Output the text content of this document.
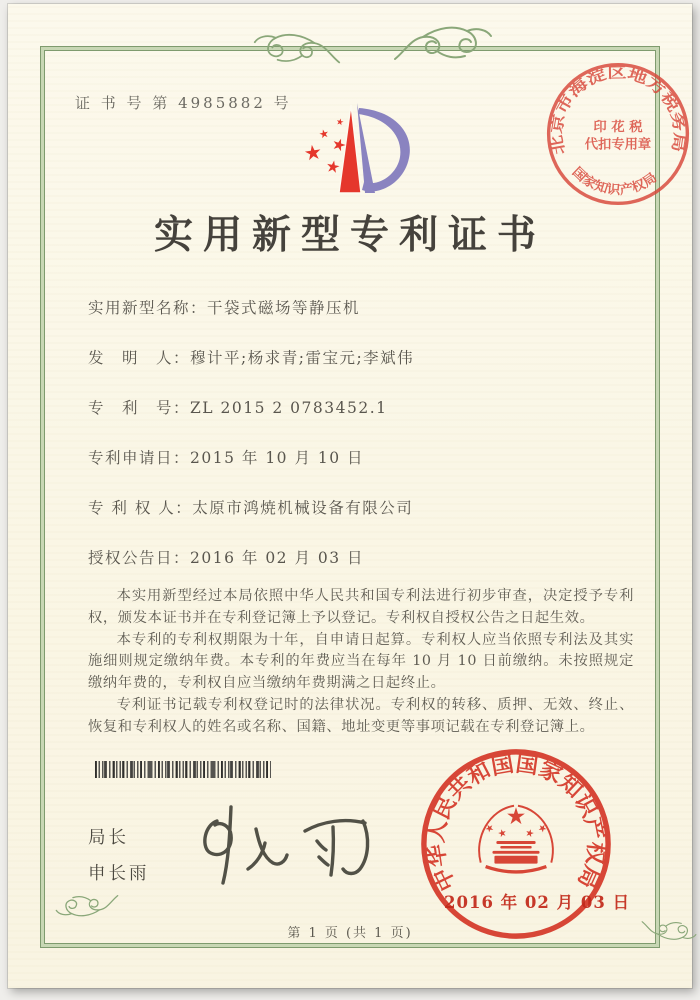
证 书 号 第 4985882 号
实用新型专利证书
实用新型名称：干袋式磁场等静压机
发　明　人：穆计平;杨求青;雷宝元;李斌伟
专　利　号：ZL 2015 2 0783452.1
专利申请日：2015 年 10 月 10 日
专 利 权 人：太原市鸿焼机械设备有限公司
授权公告日：2016 年 02 月 03 日

本实用新型经过本局依照中华人民共和国专利法进行初步审查，决定授予专利权，颁发本证书并在专利登记簿上予以登记。专利权自授权公告之日起生效。

本专利的专利权期限为十年，自申请日起算。专利权人应当依照专利法及其实施细则规定缴纳年费。本专利的年费应当在每年 10 月 10 日前缴纳。未按照规定缴纳年费的，专利权自应当缴纳年费期满之日起终止。

专利证书记载专利权登记时的法律状况。专利权的转移、质押、无效、终止、恢复和专利权人的姓名或名称、国籍、地址变更等事项记载在专利登记簿上。

局长
申长雨	中华人民共和国国家知识产权局
2016 年 02 月 03 日
北京市海淀区地方税务局
国家知识产权局
印 花 税
代扣专用章
第 1 页 (共 1 页)
